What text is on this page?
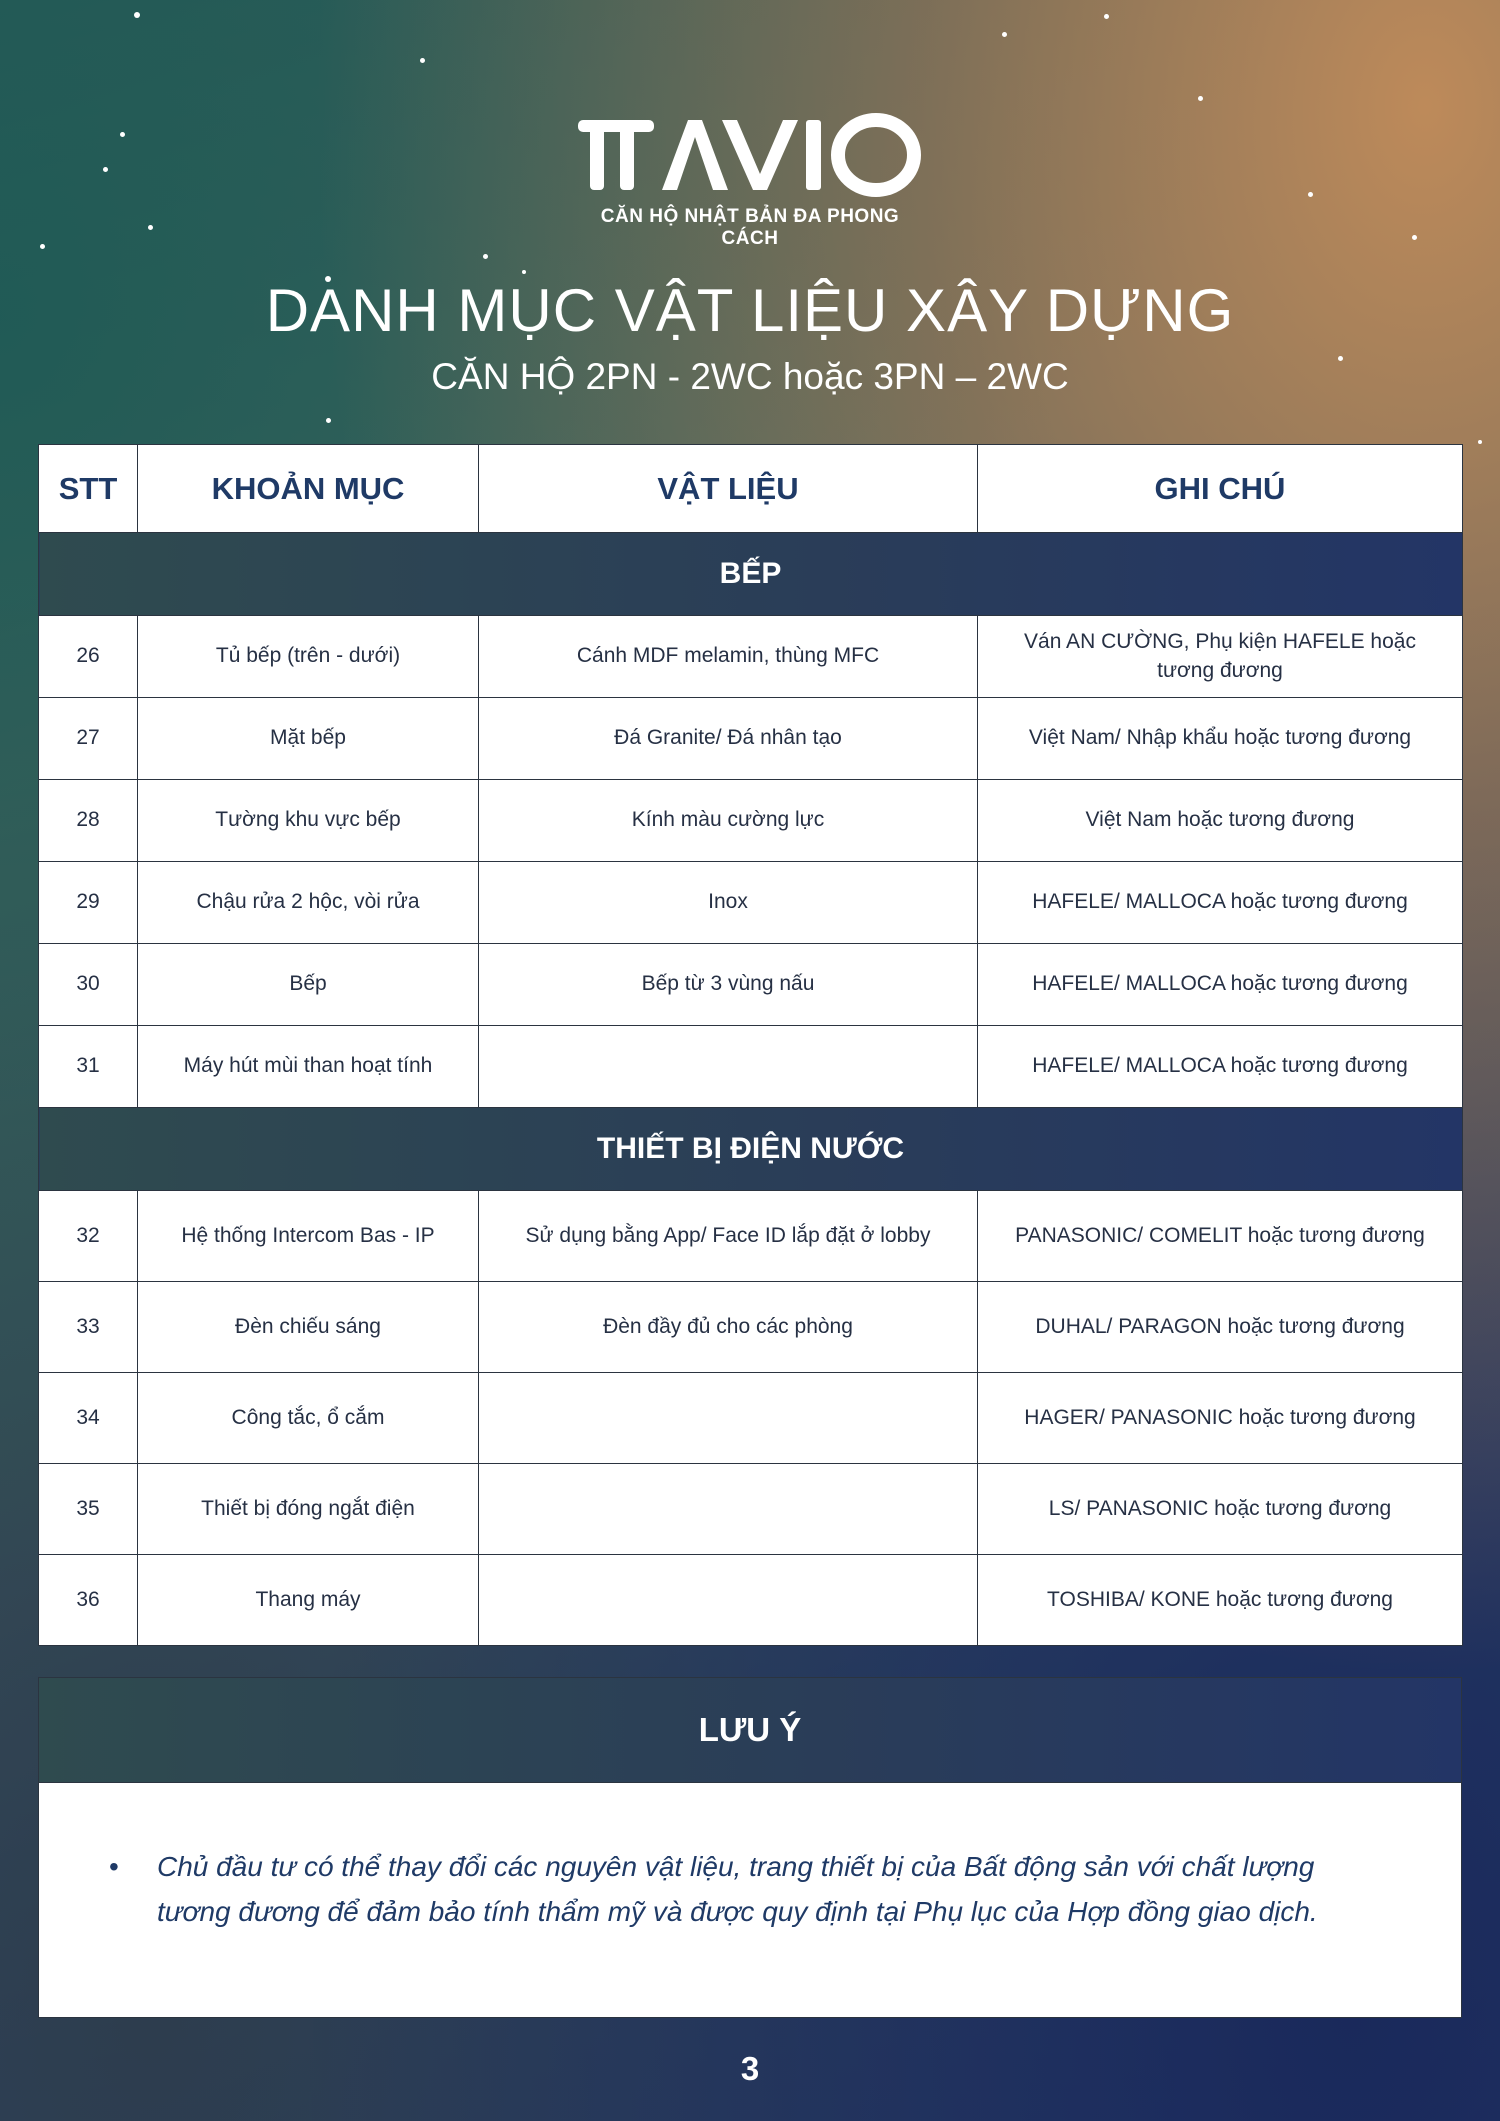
CĂN HỘ NHẬT BẢN ĐA PHONG CÁCH
DANH MỤC VẬT LIỆU XÂY DỰNG
CĂN HỘ 2PN - 2WC hoặc 3PN – 2WC
STT	KHOẢN MỤC	VẬT LIỆU	GHI CHÚ
BẾP			
26	Tủ bếp (trên - dưới)	Cánh MDF melamin, thùng MFC	Ván AN CƯỜNG, Phụ kiện HAFELE hoặc tương đương
27	Mặt bếp	Đá Granite/ Đá nhân tạo	Việt Nam/ Nhập khẩu hoặc tương đương
28	Tường khu vực bếp	Kính màu cường lực	Việt Nam hoặc tương đương
29	Chậu rửa 2 hộc, vòi rửa	Inox	HAFELE/ MALLOCA hoặc tương đương
30	Bếp	Bếp từ 3 vùng nấu	HAFELE/ MALLOCA hoặc tương đương
31	Máy hút mùi than hoạt tính		HAFELE/ MALLOCA hoặc tương đương
THIẾT BỊ ĐIỆN NƯỚC			
32	Hệ thống Intercom Bas - IP	Sử dụng bằng App/ Face ID lắp đặt ở lobby	PANASONIC/ COMELIT hoặc tương đương
33	Đèn chiếu sáng	Đèn đầy đủ cho các phòng	DUHAL/ PARAGON hoặc tương đương
34	Công tắc, ổ cắm		HAGER/ PANASONIC hoặc tương đương
35	Thiết bị đóng ngắt điện		LS/ PANASONIC hoặc tương đương
36	Thang máy		TOSHIBA/ KONE hoặc tương đương
LƯU Ý
• Chủ đầu tư có thể thay đổi các nguyên vật liệu, trang thiết bị của Bất động sản với chất lượng tương đương để đảm bảo tính thẩm mỹ và được quy định tại Phụ lục của Hợp đồng giao dịch.
3
